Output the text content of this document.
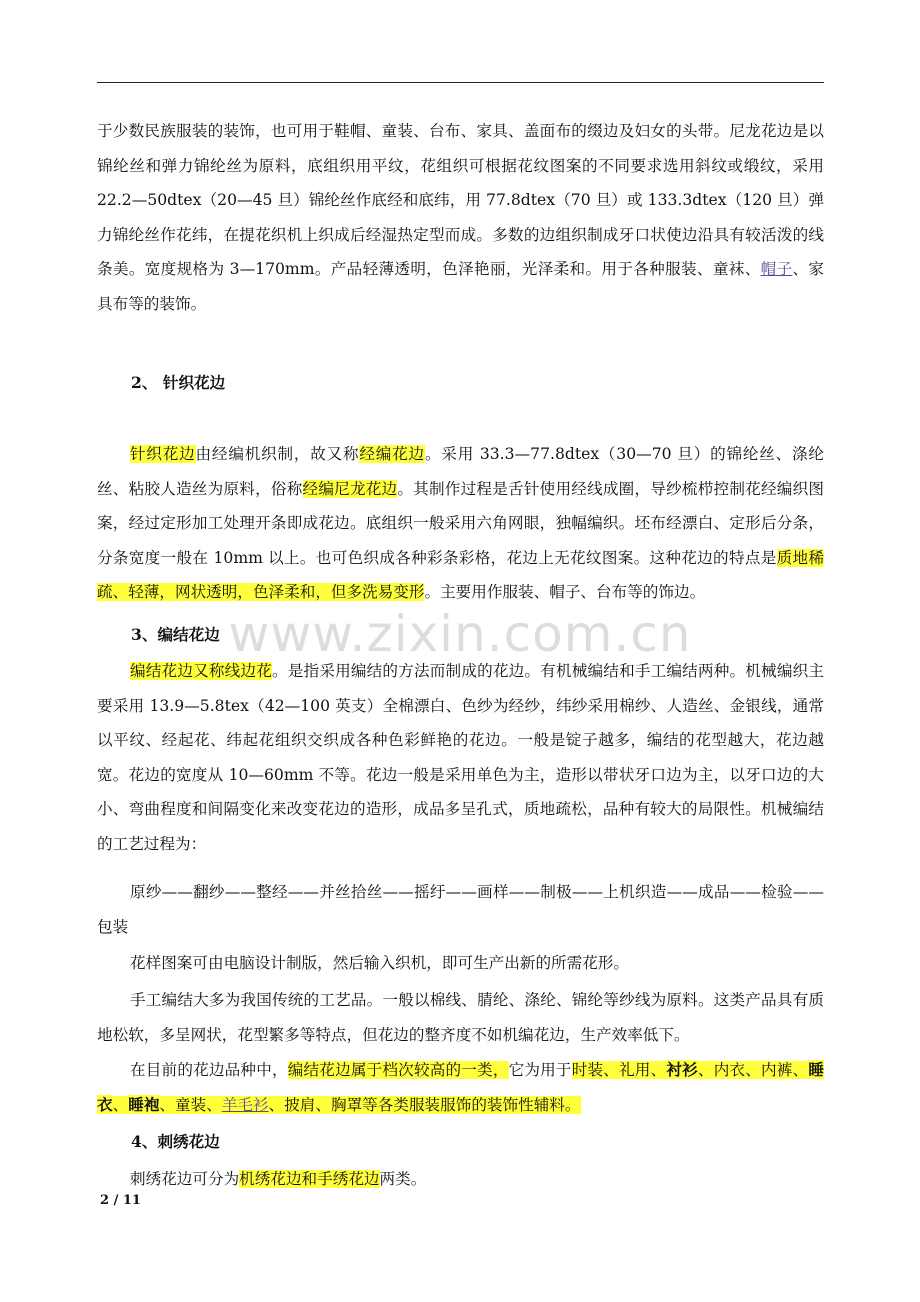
于少数民族服装的装饰，也可用于鞋帽、童装、台布、家具、盖面布的缀边及妇女的头带。尼龙花边是以锦纶丝和弹力锦纶丝为原料，底组织用平纹，花组织可根据花纹图案的不同要求选用斜纹或缎纹，采用 22.2—50dtex（20—45 旦）锦纶丝作底经和底纬，用 77.8dtex（70 旦）或 133.3dtex（120 旦）弹力锦纶丝作花纬，在提花织机上织成后经湿热定型而成。多数的边组织制成牙口状使边沿具有较活泼的线条美。宽度规格为 3—170mm。产品轻薄透明，色泽艳丽，光泽柔和。用于各种服装、童袜、帽子、家具布等的装饰。

2、 针织花边

针织花边由经编机织制，故又称经编花边。采用 33.3—77.8dtex（30—70 旦）的锦纶丝、涤纶丝、粘胶人造丝为原料，俗称经编尼龙花边。其制作过程是舌针使用经线成圈，导纱梳栉控制花经编织图案，经过定形加工处理开条即成花边。底组织一般采用六角网眼，独幅编织。坯布经漂白、定形后分条，分条宽度一般在 10mm 以上。也可色织成各种彩条彩格，花边上无花纹图案。这种花边的特点是质地稀疏、轻薄，网状透明，色泽柔和，但多洗易变形。主要用作服装、帽子、台布等的饰边。

3、编结花边

编结花边又称线边花。是指采用编结的方法而制成的花边。有机械编结和手工编结两种。机械编织主要采用 13.9—5.8tex（42—100 英支）全棉漂白、色纱为经纱，纬纱采用棉纱、人造丝、金银线，通常以平纹、经起花、纬起花组织交织成各种色彩鲜艳的花边。一般是锭子越多，编结的花型越大，花边越宽。花边的宽度从 10—60mm 不等。花边一般是采用单色为主，造形以带状牙口边为主，以牙口边的大小、弯曲程度和间隔变化来改变花边的造形，成品多呈孔式，质地疏松，品种有较大的局限性。机械编结的工艺过程为：

原纱——翻纱——整经——并丝拾丝——摇纡——画样——制极——上机织造——成品——检验——包装

花样图案可由电脑设计制版，然后输入织机，即可生产出新的所需花形。

手工编结大多为我国传统的工艺品。一般以棉线、腈纶、涤纶、锦纶等纱线为原料。这类产品具有质地松软，多呈网状，花型繁多等特点，但花边的整齐度不如机编花边，生产效率低下。

在目前的花边品种中，编结花边属于档次较高的一类，它为用于时装、礼用、衬衫、内衣、内裤、睡衣、睡袍、童装、羊毛衫、披肩、胸罩等各类服装服饰的装饰性辅料。

4、刺绣花边

刺绣花边可分为机绣花边和手绣花边两类。

www.zixin.com.cn

2 / 11
